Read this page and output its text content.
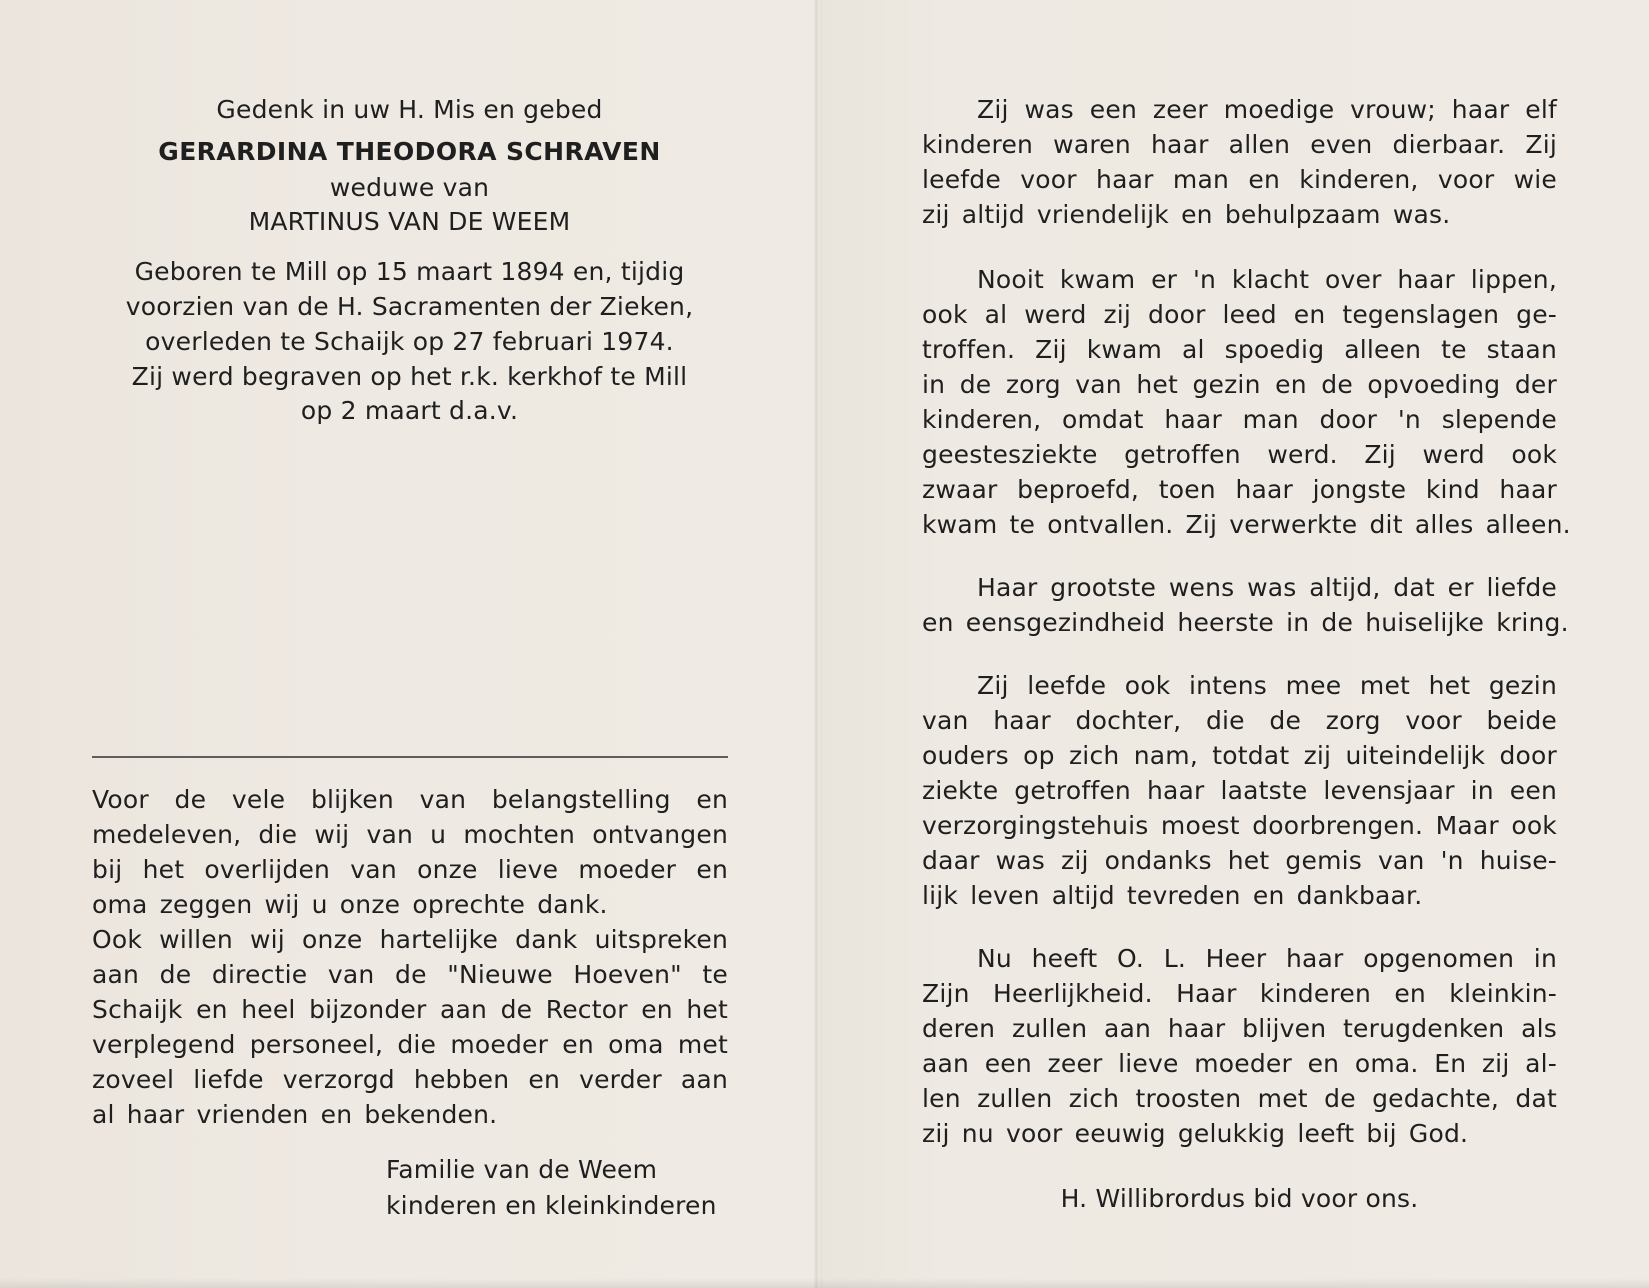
Gedenk in uw H. Mis en gebed
GERARDINA THEODORA SCHRAVEN
weduwe van
MARTINUS VAN DE WEEM
Geboren te Mill op 15 maart 1894 en, tijdig
voorzien van de H. Sacramenten der Zieken,
overleden te Schaijk op 27 februari 1974.
Zij werd begraven op het r.k. kerkhof te Mill
op 2 maart d.a.v.
Voor de vele blijken van belangstelling en
medeleven, die wij van u mochten ontvangen
bij het overlijden van onze lieve moeder en
oma zeggen wij u onze oprechte dank.
Ook willen wij onze hartelijke dank uitspreken
aan de directie van de "Nieuwe Hoeven" te
Schaijk en heel bijzonder aan de Rector en het
verplegend personeel, die moeder en oma met
zoveel liefde verzorgd hebben en verder aan
al haar vrienden en bekenden.
Familie van de Weem
kinderen en kleinkinderen
Zij was een zeer moedige vrouw; haar elf
kinderen waren haar allen even dierbaar. Zij
leefde voor haar man en kinderen, voor wie
zij altijd vriendelijk en behulpzaam was.
Nooit kwam er 'n klacht over haar lippen,
ook al werd zij door leed en tegenslagen ge-
troffen. Zij kwam al spoedig alleen te staan
in de zorg van het gezin en de opvoeding der
kinderen, omdat haar man door 'n slepende
geestesziekte getroffen werd. Zij werd ook
zwaar beproefd, toen haar jongste kind haar
kwam te ontvallen. Zij verwerkte dit alles alleen.
Haar grootste wens was altijd, dat er liefde
en eensgezindheid heerste in de huiselijke kring.
Zij leefde ook intens mee met het gezin
van haar dochter, die de zorg voor beide
ouders op zich nam, totdat zij uiteindelijk door
ziekte getroffen haar laatste levensjaar in een
verzorgingstehuis moest doorbrengen. Maar ook
daar was zij ondanks het gemis van 'n huise-
lijk leven altijd tevreden en dankbaar.
Nu heeft O. L. Heer haar opgenomen in
Zijn Heerlijkheid. Haar kinderen en kleinkin-
deren zullen aan haar blijven terugdenken als
aan een zeer lieve moeder en oma. En zij al-
len zullen zich troosten met de gedachte, dat
zij nu voor eeuwig gelukkig leeft bij God.
H. Willibrordus bid voor ons.
